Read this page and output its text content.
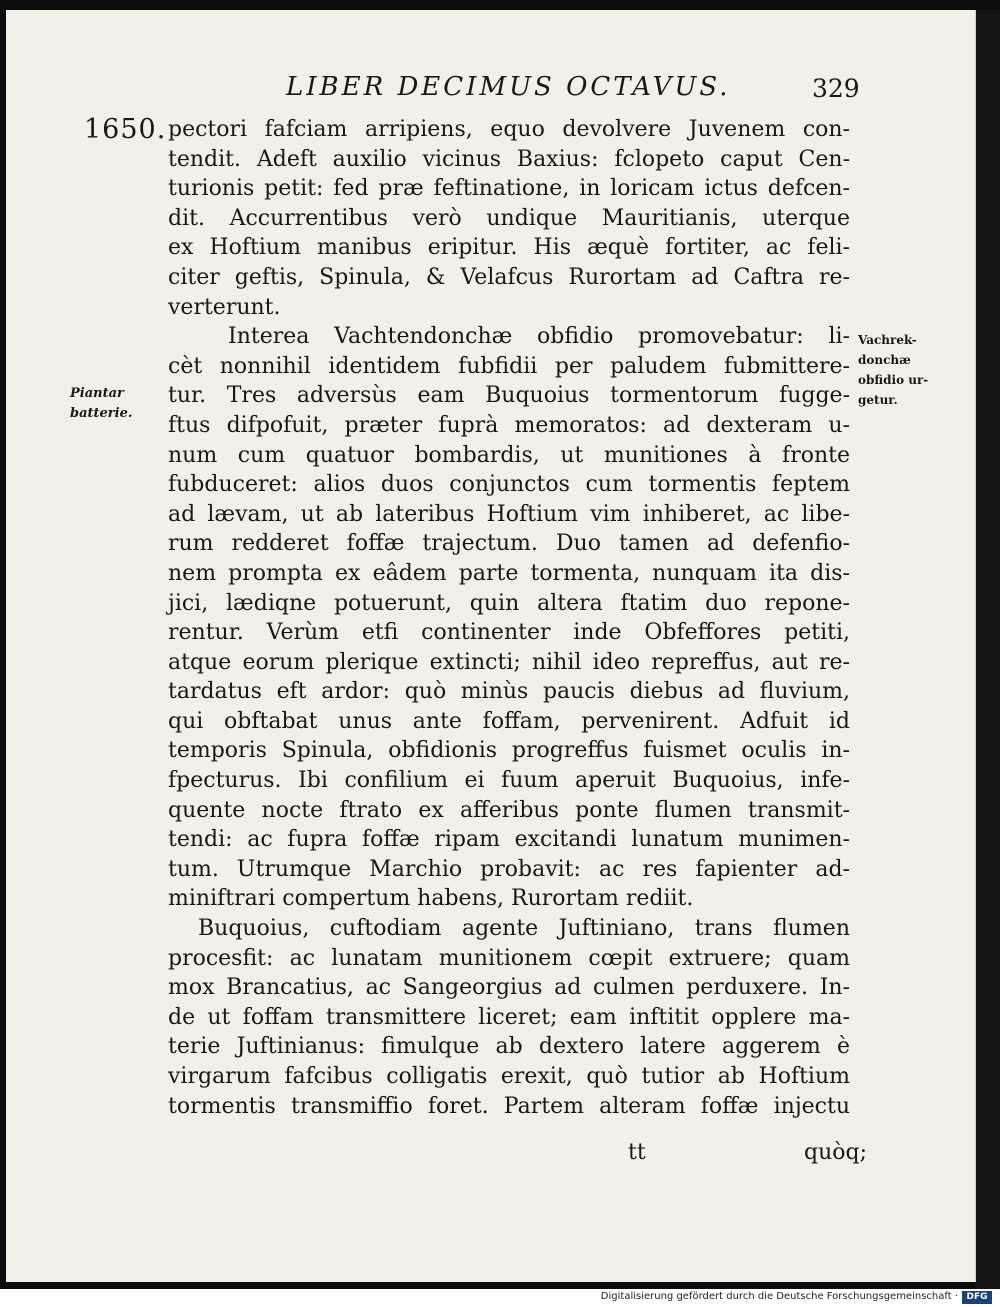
LIBER DECIMUS OCTAVUS.	329
1650.
Piantar
batterie.
Vachrek-
donchæ
obfidio ur-
getur.
pectori fafciam arripiens, equo devolvere Juvenem con-
tendit. Adeft auxilio vicinus Baxius: fclopeto caput Cen-
turionis petit: fed præ feftinatione, in loricam ictus defcen-
dit. Accurrentibus verò undique Mauritianis, uterque
ex Hoftium manibus eripitur. His æquè fortiter, ac feli-
citer geftis, Spinula, & Velafcus Rurortam ad Caftra re-
verterunt.
Interea Vachtendonchæ obfidio promovebatur: li-
cèt nonnihil identidem fubfidii per paludem fubmittere-
tur. Tres adversùs eam Buquoius tormentorum fugge-
ftus difpofuit, præter fuprà memoratos: ad dexteram u-
num cum quatuor bombardis, ut munitiones à fronte
fubduceret: alios duos conjunctos cum tormentis feptem
ad lævam, ut ab lateribus Hoftium vim inhiberet, ac libe-
rum redderet foffæ trajectum. Duo tamen ad defenfio-
nem prompta ex eâdem parte tormenta, nunquam ita dis-
jici, lædiqne potuerunt, quin altera ftatim duo repone-
rentur. Verùm etfi continenter inde Obfeffores petiti,
atque eorum plerique extincti; nihil ideo repreffus, aut re-
tardatus eft ardor: quò minùs paucis diebus ad fluvium,
qui obftabat unus ante foffam, pervenirent. Adfuit id
temporis Spinula, obfidionis progreffus fuismet oculis in-
fpecturus. Ibi confilium ei fuum aperuit Buquoius, infe-
quente nocte ftrato ex afferibus ponte flumen transmit-
tendi: ac fupra foffæ ripam excitandi lunatum munimen-
tum. Utrumque Marchio probavit: ac res fapienter ad-
miniftrari compertum habens, Rurortam rediit.
Buquoius, cuftodiam agente Juftiniano, trans flumen
procesfit: ac lunatam munitionem cœpit extruere; quam
mox Brancatius, ac Sangeorgius ad culmen perduxere. In-
de ut foffam transmittere liceret; eam inftitit opplere ma-
terie Juftinianus: fimulque ab dextero latere aggerem è
virgarum fafcibus colligatis erexit, quò tutior ab Hoftium
tormentis transmiffio foret. Partem alteram foffæ injectu
tt	quòq;
Digitalisierung gefördert durch die Deutsche Forschungsgemeinschaft · DFG
